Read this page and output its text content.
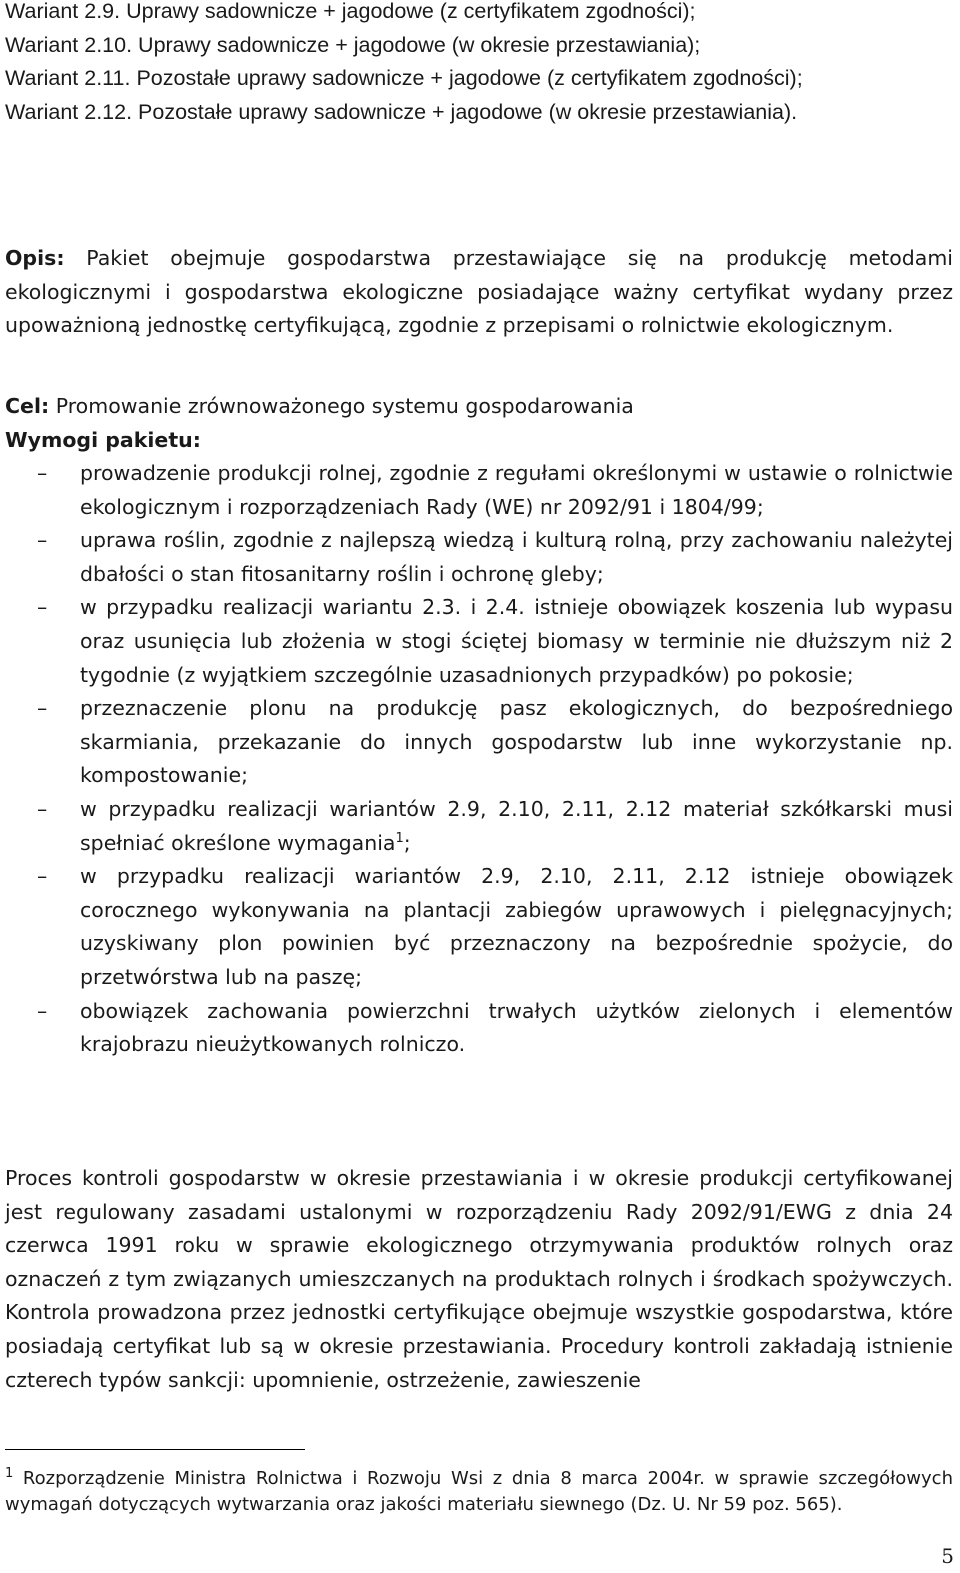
Wariant 2.9. Uprawy sadownicze + jagodowe (z certyfikatem zgodności);

Wariant 2.10. Uprawy sadownicze + jagodowe (w okresie przestawiania);

Wariant 2.11. Pozostałe uprawy sadownicze + jagodowe (z certyfikatem zgodności);

Wariant 2.12. Pozostałe uprawy sadownicze + jagodowe (w okresie przestawiania).

Opis: Pakiet obejmuje gospodarstwa przestawiające się na produkcję metodami ekologicznymi i gospodarstwa ekologiczne posiadające ważny certyfikat wydany przez upoważnioną jednostkę certyfikującą, zgodnie z przepisami o rolnictwie ekologicznym.

Cel: Promowanie zrównoważonego systemu gospodarowania

Wymogi pakietu:

– prowadzenie produkcji rolnej, zgodnie z regułami określonymi w ustawie o rolnictwie ekologicznym i rozporządzeniach Rady (WE) nr 2092/91 i 1804/99;
– uprawa roślin, zgodnie z najlepszą wiedzą i kulturą rolną, przy zachowaniu należytej dbałości o stan fitosanitarny roślin i ochronę gleby;
– w przypadku realizacji wariantu 2.3. i 2.4. istnieje obowiązek koszenia lub wypasu oraz usunięcia lub złożenia w stogi ściętej biomasy w terminie nie dłuższym niż 2 tygodnie (z wyjątkiem szczególnie uzasadnionych przypadków) po pokosie;
– przeznaczenie plonu na produkcję pasz ekologicznych, do bezpośredniego skarmiania, przekazanie do innych gospodarstw lub inne wykorzystanie np. kompostowanie;
– w przypadku realizacji wariantów 2.9, 2.10, 2.11, 2.12 materiał szkółkarski musi spełniać określone wymagania$^1$;
– w przypadku realizacji wariantów 2.9, 2.10, 2.11, 2.12 istnieje obowiązek corocznego wykonywania na plantacji zabiegów uprawowych i pielęgnacyjnych; uzyskiwany plon powinien być przeznaczony na bezpośrednie spożycie, do przetwórstwa lub na paszę;
– obowiązek zachowania powierzchni trwałych użytków zielonych i elementów krajobrazu nieużytkowanych rolniczo.

Proces kontroli gospodarstw w okresie przestawiania i w okresie produkcji certyfikowanej jest regulowany zasadami ustalonymi w rozporządzeniu Rady 2092/91/EWG z dnia 24 czerwca 1991 roku w sprawie ekologicznego otrzymywania produktów rolnych oraz oznaczeń z tym związanych umieszczanych na produktach rolnych i środkach spożywczych. Kontrola prowadzona przez jednostki certyfikujące obejmuje wszystkie gospodarstwa, które posiadają certyfikat lub są w okresie przestawiania. Procedury kontroli zakładają istnienie czterech typów sankcji: upomnienie, ostrzeżenie, zawieszenie

$^1$ Rozporządzenie Ministra Rolnictwa i Rozwoju Wsi z dnia 8 marca 2004r. w sprawie szczegółowych wymagań dotyczących wytwarzania oraz jakości materiału siewnego (Dz. U. Nr 59 poz. 565).
5
